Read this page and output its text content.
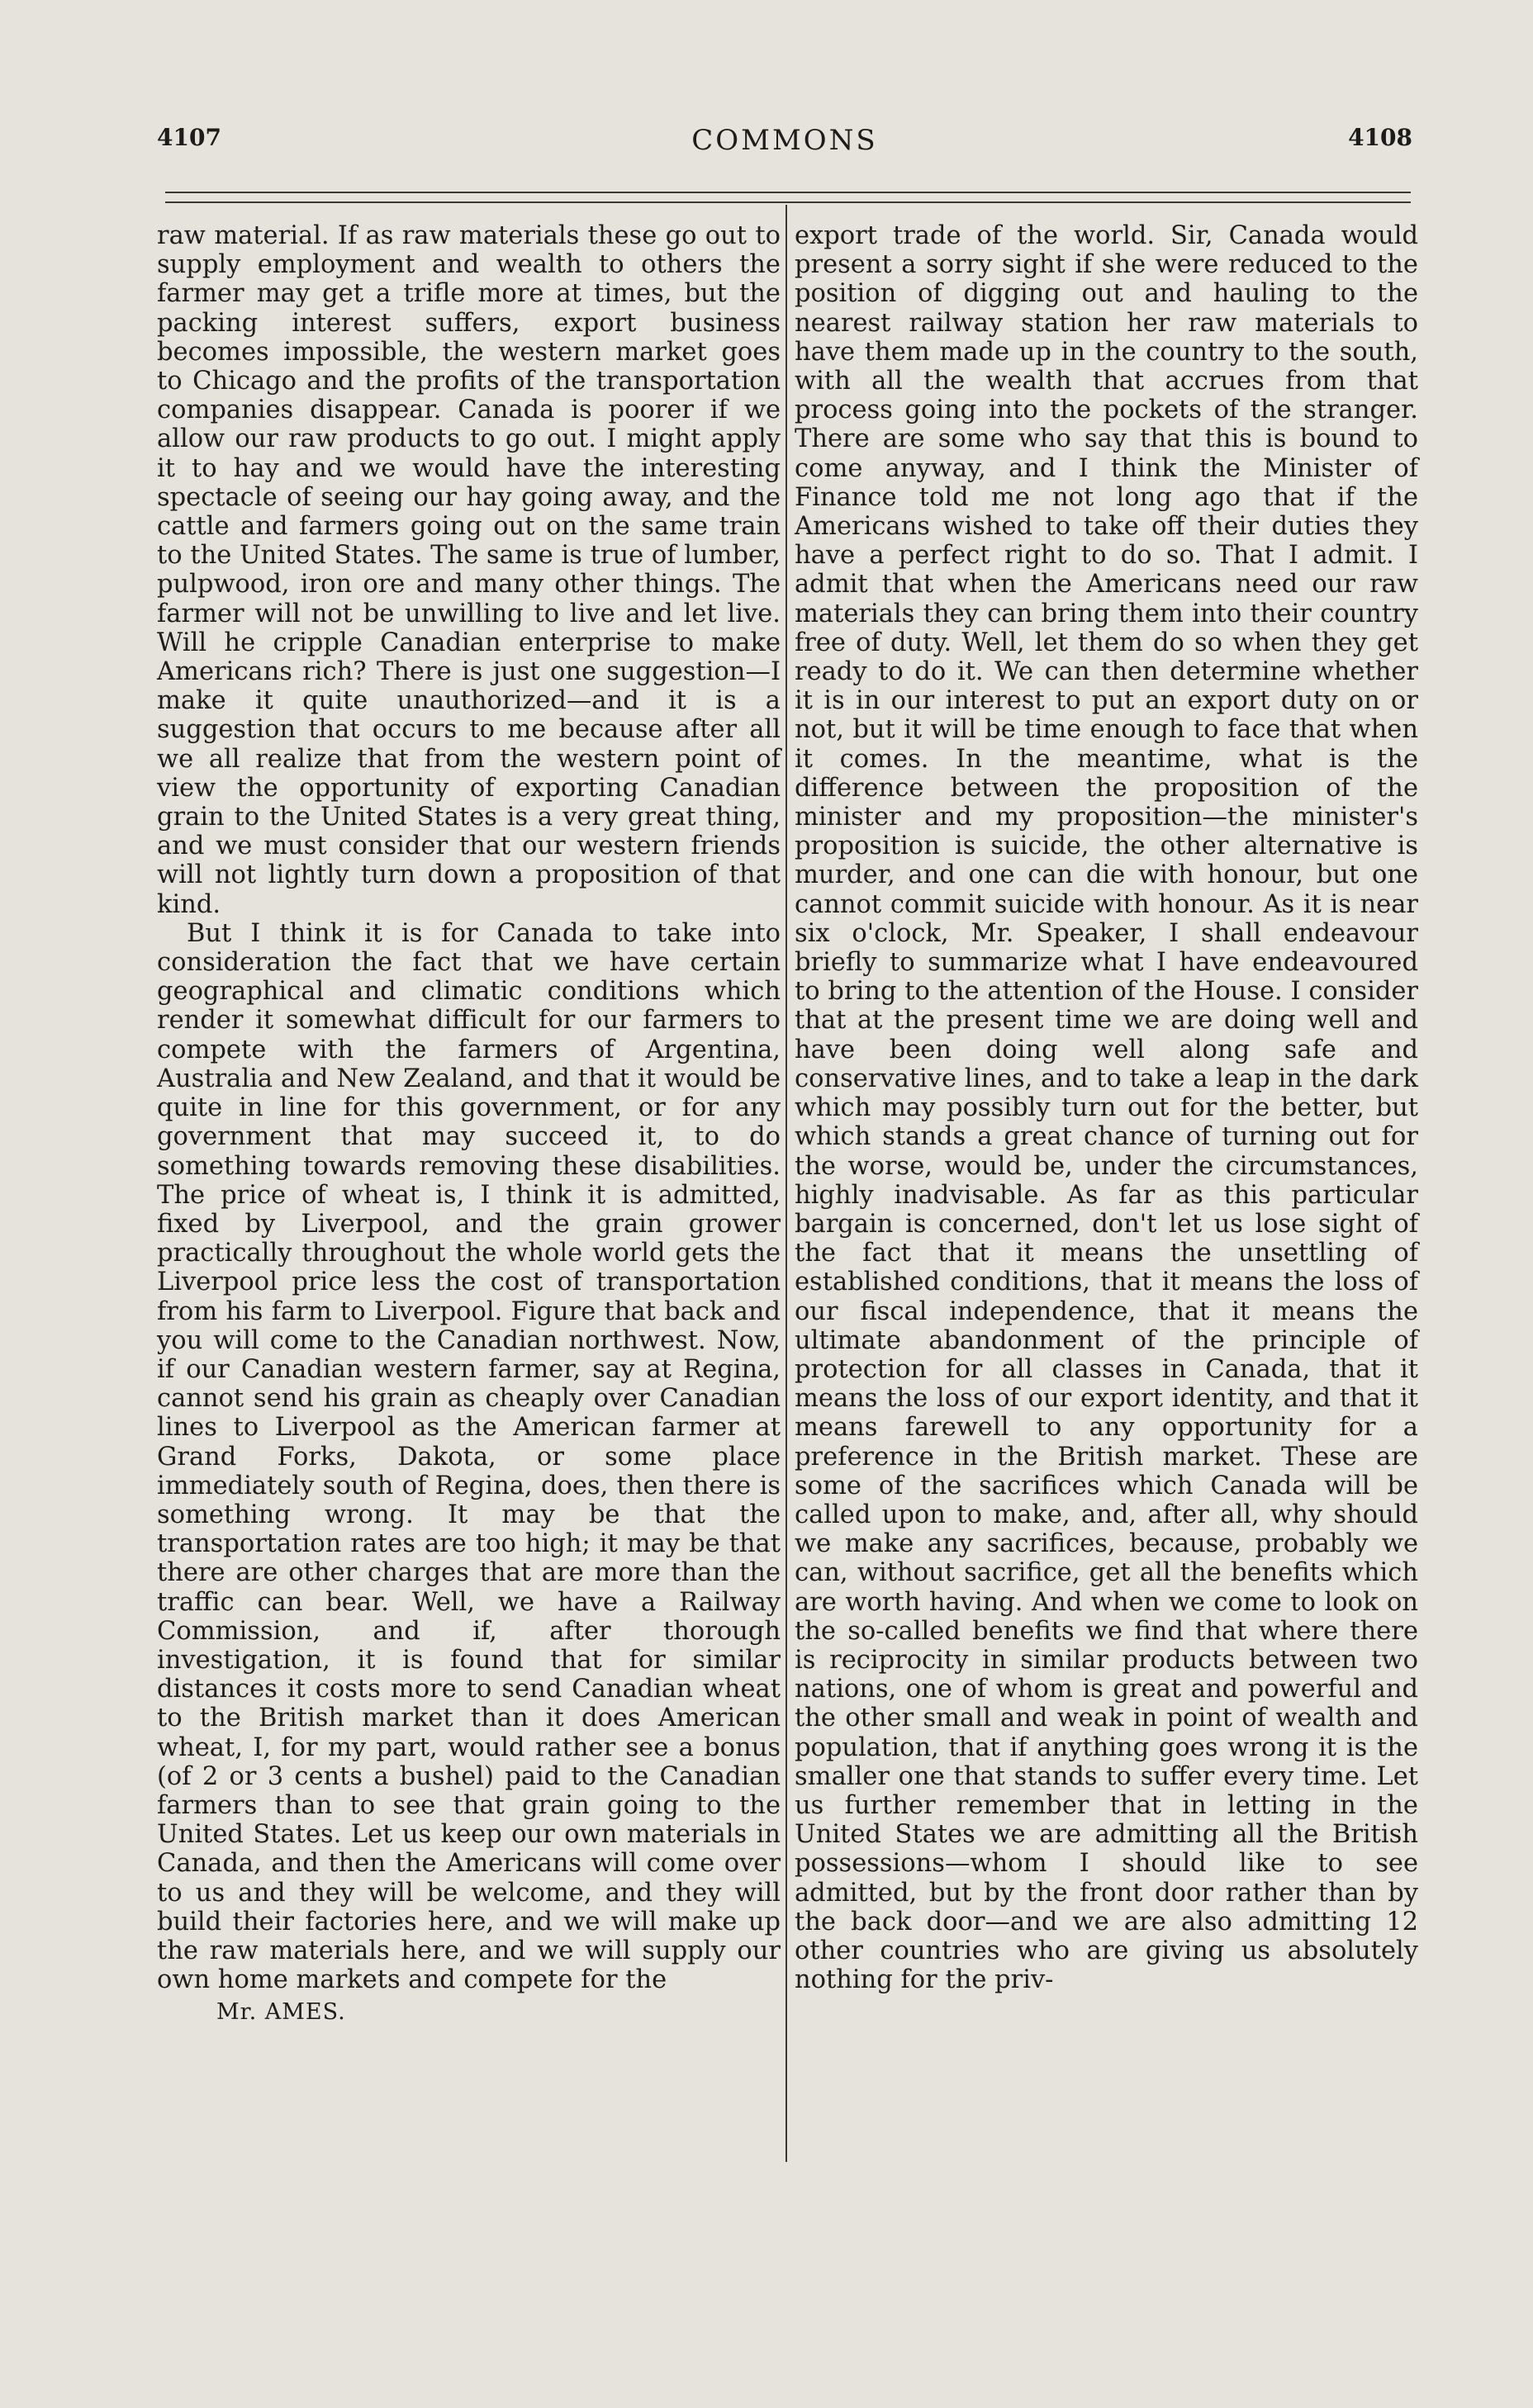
4107	COMMONS	4108

raw material. If as raw materials these go out to supply employment and wealth to others the farmer may get a trifle more at times, but the packing interest suffers, export business becomes impossible, the western market goes to Chicago and the profits of the transportation companies disappear. Canada is poorer if we allow our raw products to go out. I might apply it to hay and we would have the interesting spectacle of seeing our hay going away, and the cattle and farmers going out on the same train to the United States. The same is true of lumber, pulpwood, iron ore and many other things. The farmer will not be unwilling to live and let live. Will he cripple Canadian enterprise to make Americans rich? There is just one suggestion—I make it quite unauthorized—and it is a suggestion that occurs to me because after all we all realize that from the western point of view the opportunity of exporting Canadian grain to the United States is a very great thing, and we must consider that our western friends will not lightly turn down a proposition of that kind.

But I think it is for Canada to take into consideration the fact that we have certain geographical and climatic conditions which render it somewhat difficult for our farmers to compete with the farmers of Argentina, Australia and New Zealand, and that it would be quite in line for this government, or for any government that may succeed it, to do something towards removing these disabilities. The price of wheat is, I think it is admitted, fixed by Liverpool, and the grain grower practically throughout the whole world gets the Liverpool price less the cost of transportation from his farm to Liverpool. Figure that back and you will come to the Canadian northwest. Now, if our Canadian western farmer, say at Regina, cannot send his grain as cheaply over Canadian lines to Liverpool as the American farmer at Grand Forks, Dakota, or some place immediately south of Regina, does, then there is something wrong. It may be that the transportation rates are too high; it may be that there are other charges that are more than the traffic can bear. Well, we have a Railway Commission, and if, after thorough investigation, it is found that for similar distances it costs more to send Canadian wheat to the British market than it does American wheat, I, for my part, would rather see a bonus (of 2 or 3 cents a bushel) paid to the Canadian farmers than to see that grain going to the United States. Let us keep our own materials in Canada, and then the Americans will come over to us and they will be welcome, and they will build their factories here, and we will make up the raw materials here, and we will supply our own home markets and compete for the

Mr. AMES.

export trade of the world. Sir, Canada would present a sorry sight if she were reduced to the position of digging out and hauling to the nearest railway station her raw materials to have them made up in the country to the south, with all the wealth that accrues from that process going into the pockets of the stranger. There are some who say that this is bound to come anyway, and I think the Minister of Finance told me not long ago that if the Americans wished to take off their duties they have a perfect right to do so. That I admit. I admit that when the Americans need our raw materials they can bring them into their country free of duty. Well, let them do so when they get ready to do it. We can then determine whether it is in our interest to put an export duty on or not, but it will be time enough to face that when it comes. In the meantime, what is the difference between the proposition of the minister and my proposition—the minister's proposition is suicide, the other alternative is murder, and one can die with honour, but one cannot commit suicide with honour. As it is near six o'clock, Mr. Speaker, I shall endeavour briefly to summarize what I have endeavoured to bring to the attention of the House. I consider that at the present time we are doing well and have been doing well along safe and conservative lines, and to take a leap in the dark which may possibly turn out for the better, but which stands a great chance of turning out for the worse, would be, under the circumstances, highly inadvisable. As far as this particular bargain is concerned, don't let us lose sight of the fact that it means the unsettling of established conditions, that it means the loss of our fiscal independence, that it means the ultimate abandonment of the principle of protection for all classes in Canada, that it means the loss of our export identity, and that it means farewell to any opportunity for a preference in the British market. These are some of the sacrifices which Canada will be called upon to make, and, after all, why should we make any sacrifices, because, probably we can, without sacrifice, get all the benefits which are worth having. And when we come to look on the so-called benefits we find that where there is reciprocity in similar products between two nations, one of whom is great and powerful and the other small and weak in point of wealth and population, that if anything goes wrong it is the smaller one that stands to suffer every time. Let us further remember that in letting in the United States we are admitting all the British possessions—whom I should like to see admitted, but by the front door rather than by the back door—and we are also admitting 12 other countries who are giving us absolutely nothing for the priv-
